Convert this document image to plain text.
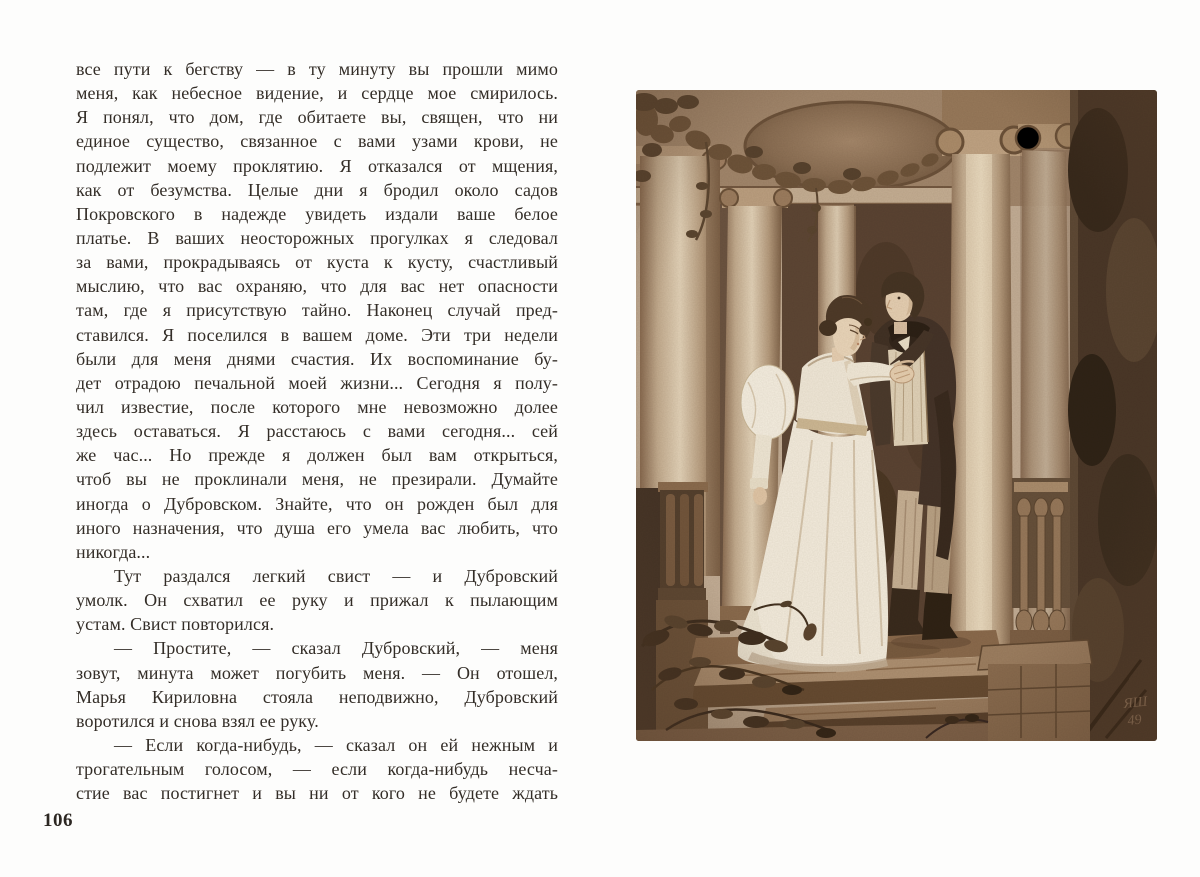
все пути к бегству — в ту минуту вы прошли мимо
меня, как небесное видение, и сердце мое смирилось.
Я понял, что дом, где обитаете вы, священ, что ни
единое существо, связанное с вами узами крови, не
подлежит моему проклятию. Я отказался от мщения,
как от безумства. Целые дни я бродил около садов
Покровского в надежде увидеть издали ваше белое
платье. В ваших неосторожных прогулках я следовал
за вами, прокрадываясь от куста к кусту, счастливый
мыслию, что вас охраняю, что для вас нет опасности
там, где я присутствую тайно. Наконец случай пред-
ставился. Я поселился в вашем доме. Эти три недели
были для меня днями счастия. Их воспоминание бу-
дет отрадою печальной моей жизни... Сегодня я полу-
чил известие, после которого мне невозможно долее
здесь оставаться. Я расстаюсь с вами сегодня... сей
же час... Но прежде я должен был вам открыться,
чтоб вы не проклинали меня, не презирали. Думайте
иногда о Дубровском. Знайте, что он рожден был для
иного назначения, что душа его умела вас любить, что
никогда...
Тут раздался легкий свист — и Дубровский
умолк. Он схватил ее руку и прижал к пылающим
устам. Свист повторился.
— Простите, — сказал Дубровский, — меня
зовут, минута может погубить меня. — Он отошел,
Марья Кириловна стояла неподвижно, Дубровский
воротился и снова взял ее руку.
— Если когда-нибудь, — сказал он ей нежным и
трогательным голосом, — если когда-нибудь несча-
стие вас постигнет и вы ни от кого не будете ждать
106
